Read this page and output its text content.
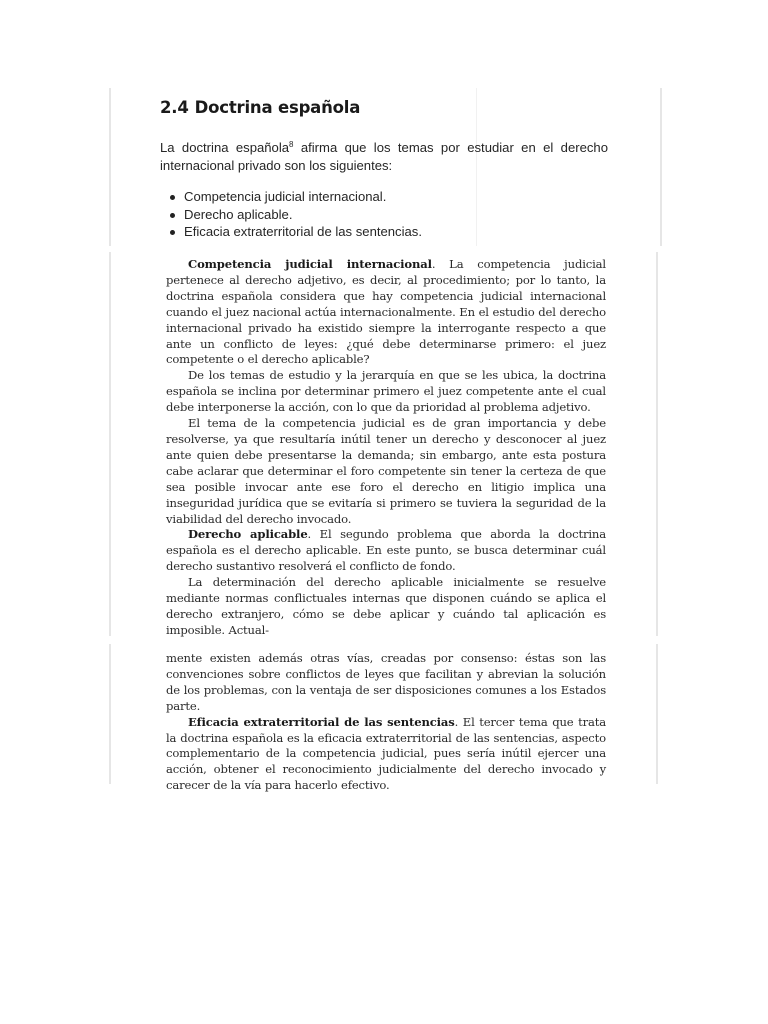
2.4 Doctrina española

La doctrina española$^8$ afirma que los temas por estudiar en el derecho internacional privado son los siguientes:

Competencia judicial internacional.
Derecho aplicable.
Eficacia extraterritorial de las sentencias.

Competencia judicial internacional. La competencia judicial pertenece al derecho adjetivo, es decir, al procedimiento; por lo tanto, la doctrina española considera que hay competencia judicial internacional cuando el juez nacional actúa internacionalmente. En el estudio del derecho internacional privado ha existido siempre la interrogante respecto a que ante un conflicto de leyes: ¿qué debe determinarse primero: el juez competente o el derecho aplicable?

De los temas de estudio y la jerarquía en que se les ubica, la doctrina española se inclina por determinar primero el juez competente ante el cual debe interponerse la acción, con lo que da prioridad al problema adjetivo.

El tema de la competencia judicial es de gran importancia y debe resolverse, ya que resultaría inútil tener un derecho y desconocer al juez ante quien debe presentarse la demanda; sin embargo, ante esta postura cabe aclarar que determinar el foro competente sin tener la certeza de que sea posible invocar ante ese foro el derecho en litigio implica una inseguridad jurídica que se evitaría si primero se tuviera la seguridad de la viabilidad del derecho invocado.

Derecho aplicable. El segundo problema que aborda la doctrina española es el derecho aplicable. En este punto, se busca determinar cuál derecho sustantivo resolverá el conflicto de fondo.

La determinación del derecho aplicable inicialmente se resuelve mediante normas conflictuales internas que disponen cuándo se aplica el derecho extranjero, cómo se debe aplicar y cuándo tal aplicación es imposible. Actual-

mente existen además otras vías, creadas por consenso: éstas son las convenciones sobre conflictos de leyes que facilitan y abrevian la solución de los problemas, con la ventaja de ser disposiciones comunes a los Estados parte.

Eficacia extraterritorial de las sentencias. El tercer tema que trata la doctrina española es la eficacia extraterritorial de las sentencias, aspecto complementario de la competencia judicial, pues sería inútil ejercer una acción, obtener el reconocimiento judicialmente del derecho invocado y carecer de la vía para hacerlo efectivo.
